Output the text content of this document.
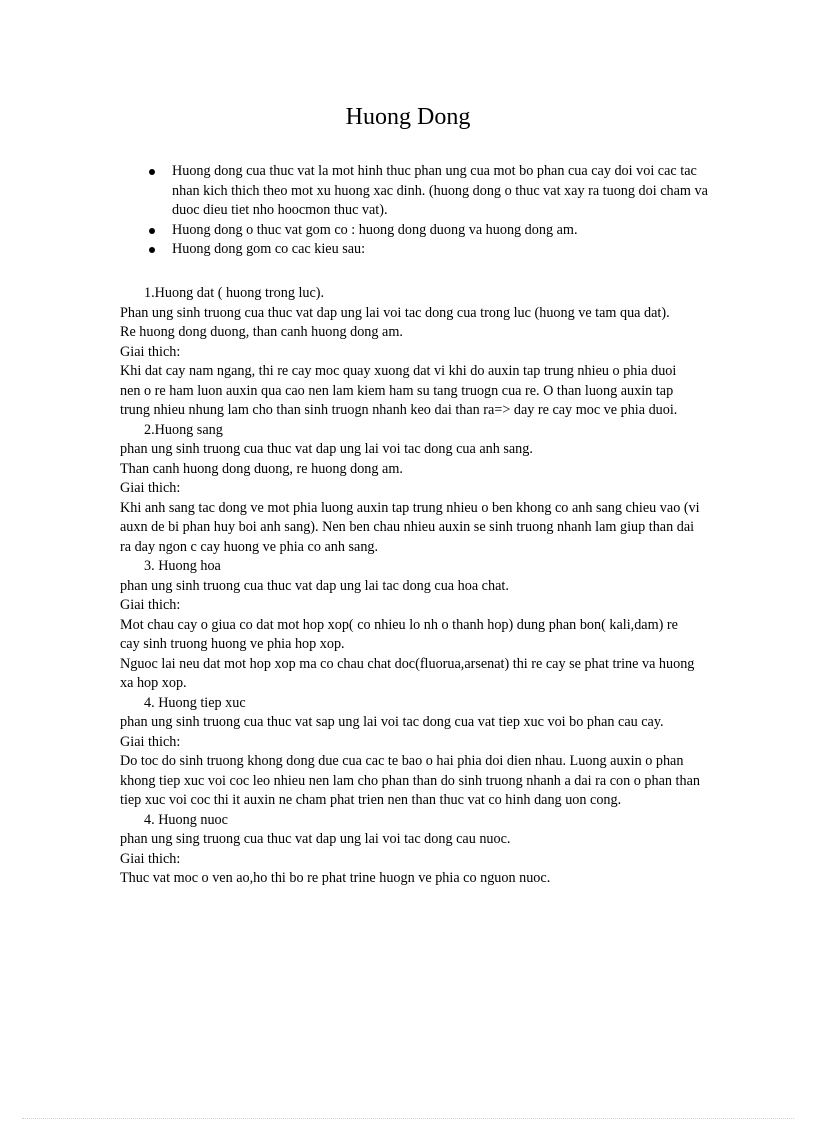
Huong Dong
Huong dong cua thuc vat la mot hinh thuc phan ung cua mot bo phan cua cay doi voi cac tac nhan kich thich theo mot xu huong xac dinh. (huong dong o thuc vat xay ra tuong doi cham va duoc dieu tiet nho hoocmon thuc vat).
Huong dong o thuc vat gom co : huong dong duong va huong dong am.
Huong dong gom co cac kieu sau:

1.Huong dat ( huong trong luc).

Phan ung sinh truong cua thuc vat dap ung lai voi tac dong cua trong luc (huong ve tam qua dat).

Re huong dong duong, than canh huong dong am.

Giai thich:

Khi dat cay nam ngang, thi re cay moc quay xuong dat vi khi do auxin tap trung nhieu o phia duoi nen o re ham luon auxin qua cao nen lam kiem ham su tang truogn cua re. O than luong auxin tap trung nhieu nhung lam cho than sinh truogn nhanh keo dai than ra=> day re cay moc ve phia duoi.

2.Huong sang

phan ung sinh truong cua thuc vat dap ung lai voi tac dong cua anh sang.

Than canh huong dong duong, re huong dong am.

Giai thich:

Khi anh sang tac dong ve mot phia luong auxin tap trung nhieu o ben khong co anh sang chieu vao (vi auxn de bi phan huy boi anh sang). Nen ben chau nhieu auxin se sinh truong nhanh lam giup than dai ra day ngon c cay huong ve phia co anh sang.

3. Huong hoa

phan ung sinh truong cua thuc vat dap ung lai tac dong cua hoa chat.

Giai thich:

Mot chau cay o giua co dat mot hop xop( co nhieu lo nh o thanh hop) dung phan bon( kali,dam) re cay sinh truong huong ve phia hop xop.

Nguoc lai neu dat mot hop xop ma co chau chat doc(fluorua,arsenat) thi re cay se phat trine va huong xa hop xop.

4. Huong tiep xuc

phan ung sinh truong cua thuc vat sap ung lai voi tac dong cua vat tiep xuc voi bo phan cau cay.

Giai thich:

Do toc do sinh truong khong dong due cua cac te bao o hai phia doi dien nhau. Luong auxin o phan khong tiep xuc voi coc leo nhieu nen lam cho phan than do sinh truong nhanh a dai ra con o phan than tiep xuc voi coc thi it auxin ne cham phat trien nen than thuc vat co hinh dang uon cong.

4. Huong nuoc

phan ung sing truong cua thuc vat dap ung lai voi tac dong cau nuoc.

Giai thich:

Thuc vat moc o ven ao,ho thi bo re phat trine huogn ve phia co nguon nuoc.
